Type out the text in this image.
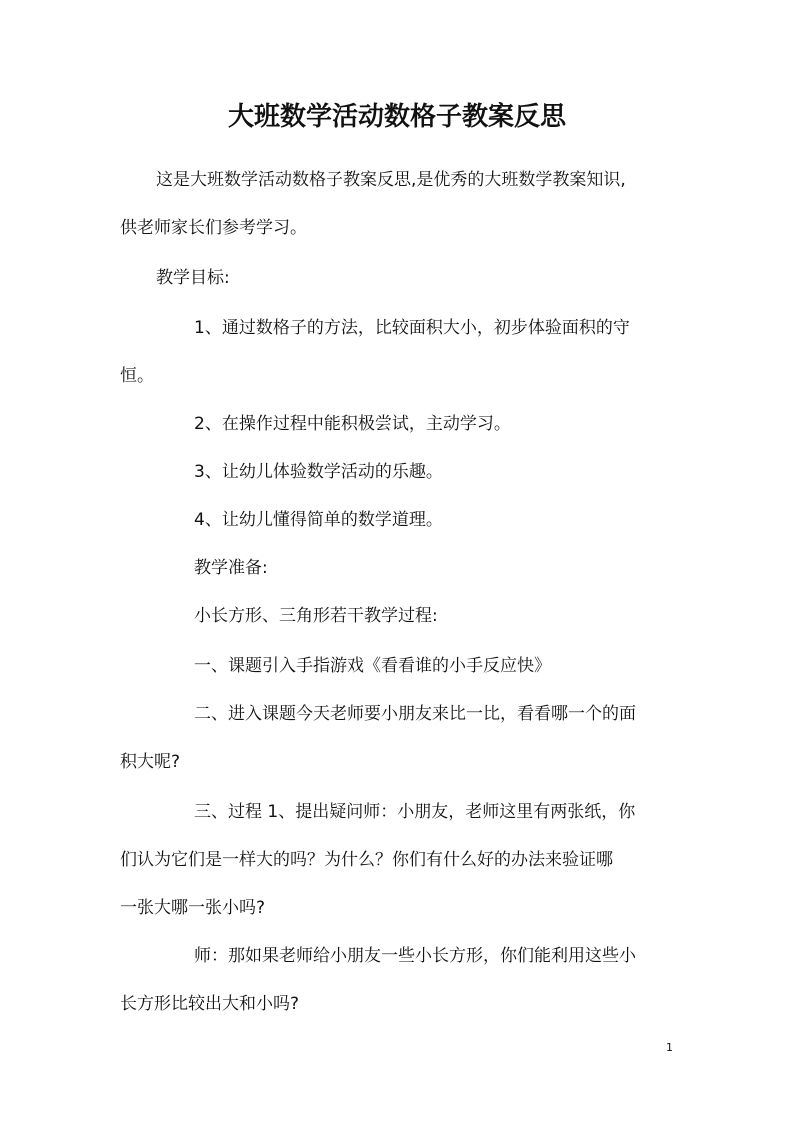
大班数学活动数格子教案反思
这是大班数学活动数格子教案反思,是优秀的大班数学教案知识,
供老师家长们参考学习。
教学目标:
1、通过数格子的方法，比较面积大小，初步体验面积的守
恒。
2、在操作过程中能积极尝试，主动学习。
3、让幼儿体验数学活动的乐趣。
4、让幼儿懂得简单的数学道理。
教学准备:
小长方形、三角形若干教学过程:
一、课题引入手指游戏《看看谁的小手反应快》
二、进入课题今天老师要小朋友来比一比，看看哪一个的面
积大呢?
三、过程 1、提出疑问师：小朋友，老师这里有两张纸，你
们认为它们是一样大的吗？为什么？你们有什么好的办法来验证哪
一张大哪一张小吗?
师：那如果老师给小朋友一些小长方形，你们能利用这些小
长方形比较出大和小吗?
1
